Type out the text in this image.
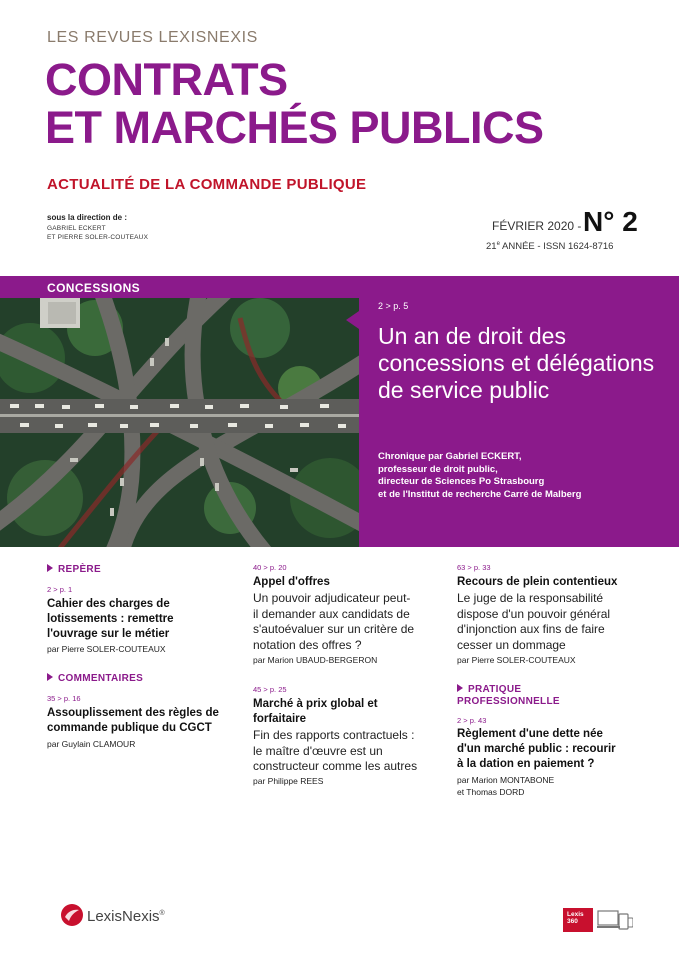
LES REVUES LEXISNEXIS
CONTRATS
ET MARCHÉS PUBLICS
ACTUALITÉ DE LA COMMANDE PUBLIQUE
sous la direction de :
GABRIEL ECKERT
ET PIERRE SOLER-COUTEAUX
FÉVRIER 2020 - N° 2
21e ANNÉE - ISSN 1624-8716
CONCESSIONS
2 > p. 5
Un an de droit des concessions et délégations de service public
Chronique par Gabriel ECKERT,
professeur de droit public,
directeur de Sciences Po Strasbourg
et de l'Institut de recherche Carré de Malberg
REPÈRE
2 > p. 1
Cahier des charges de
lotissements : remettre
l'ouvrage sur le métier
par Pierre SOLER-COUTEAUX
COMMENTAIRES
35 > p. 16
Assouplissement des règles de
commande publique du CGCT
par Guylain CLAMOUR
40 > p. 20
Appel d'offres
Un pouvoir adjudicateur peut-
il demander aux candidats de
s'autoévaluer sur un critère de
notation des offres ?
par Marion UBAUD-BERGERON
45 > p. 25
Marché à prix global et
forfaitaire
Fin des rapports contractuels :
le maître d'œuvre est un
constructeur comme les autres
par Philippe REES
63 > p. 33
Recours de plein contentieux
Le juge de la responsabilité
dispose d'un pouvoir général
d'injonction aux fins de faire
cesser un dommage
par Pierre SOLER-COUTEAUX
PRATIQUE
PROFESSIONNELLE
2 > p. 43
Règlement d'une dette née
d'un marché public : recourir
à la dation en paiement ?
par Marion MONTABONE
et Thomas DORD
LexisNexis®	Lexis
360
